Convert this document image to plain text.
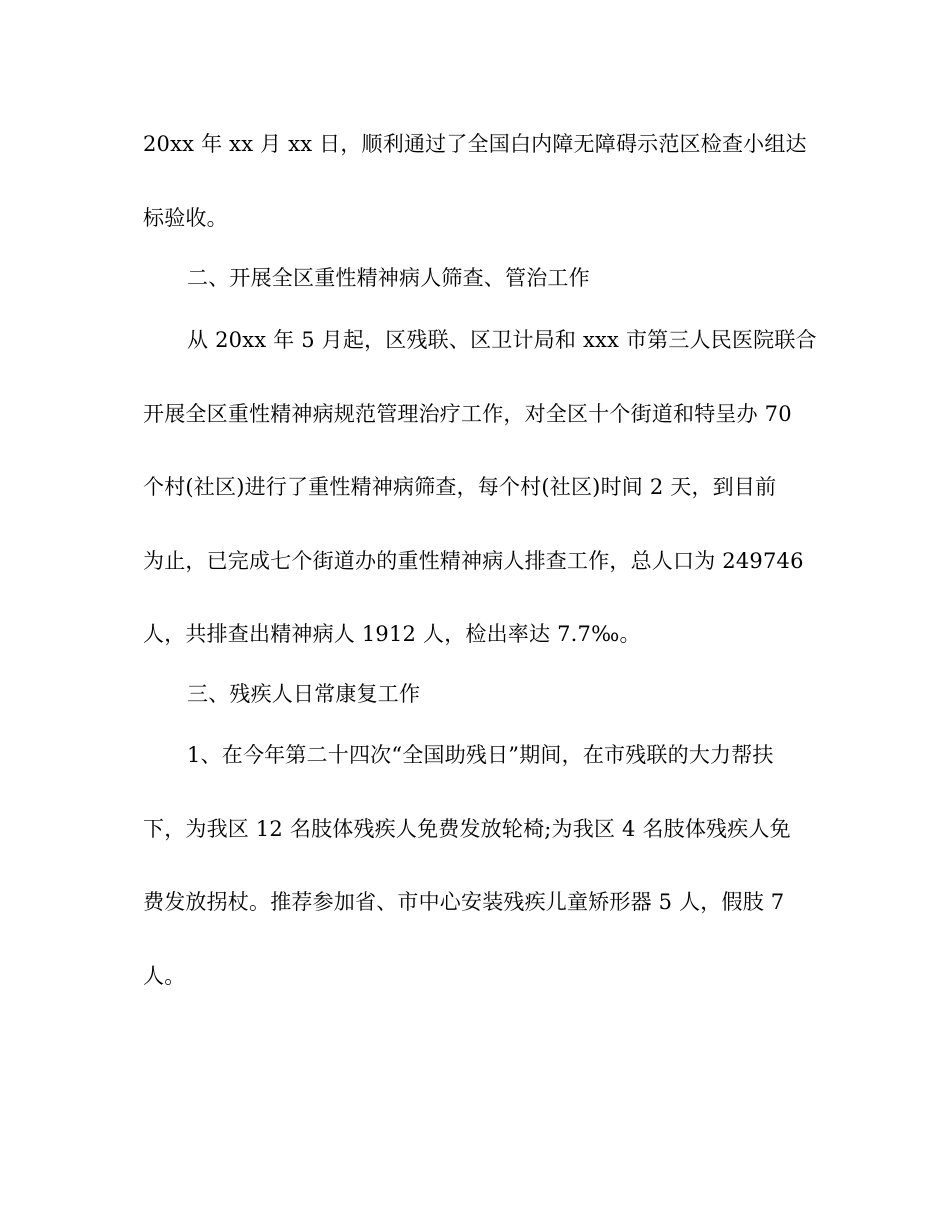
20xx 年 xx 月 xx 日，顺利通过了全国白内障无障碍示范区检查小组达
标验收。
二、开展全区重性精神病人筛查、管治工作
从 20xx 年 5 月起，区残联、区卫计局和 xxx 市第三人民医院联合
开展全区重性精神病规范管理治疗工作，对全区十个街道和特呈办 70
个村(社区)进行了重性精神病筛查，每个村(社区)时间 2 天，到目前
为止，已完成七个街道办的重性精神病人排查工作，总人口为 249746
人，共排查出精神病人 1912 人，检出率达 7.7‰。
三、残疾人日常康复工作
1、在今年第二十四次“全国助残日”期间，在市残联的大力帮扶
下，为我区 12 名肢体残疾人免费发放轮椅;为我区 4 名肢体残疾人免
费发放拐杖。推荐参加省、市中心安装残疾儿童矫形器 5 人，假肢 7
人。
